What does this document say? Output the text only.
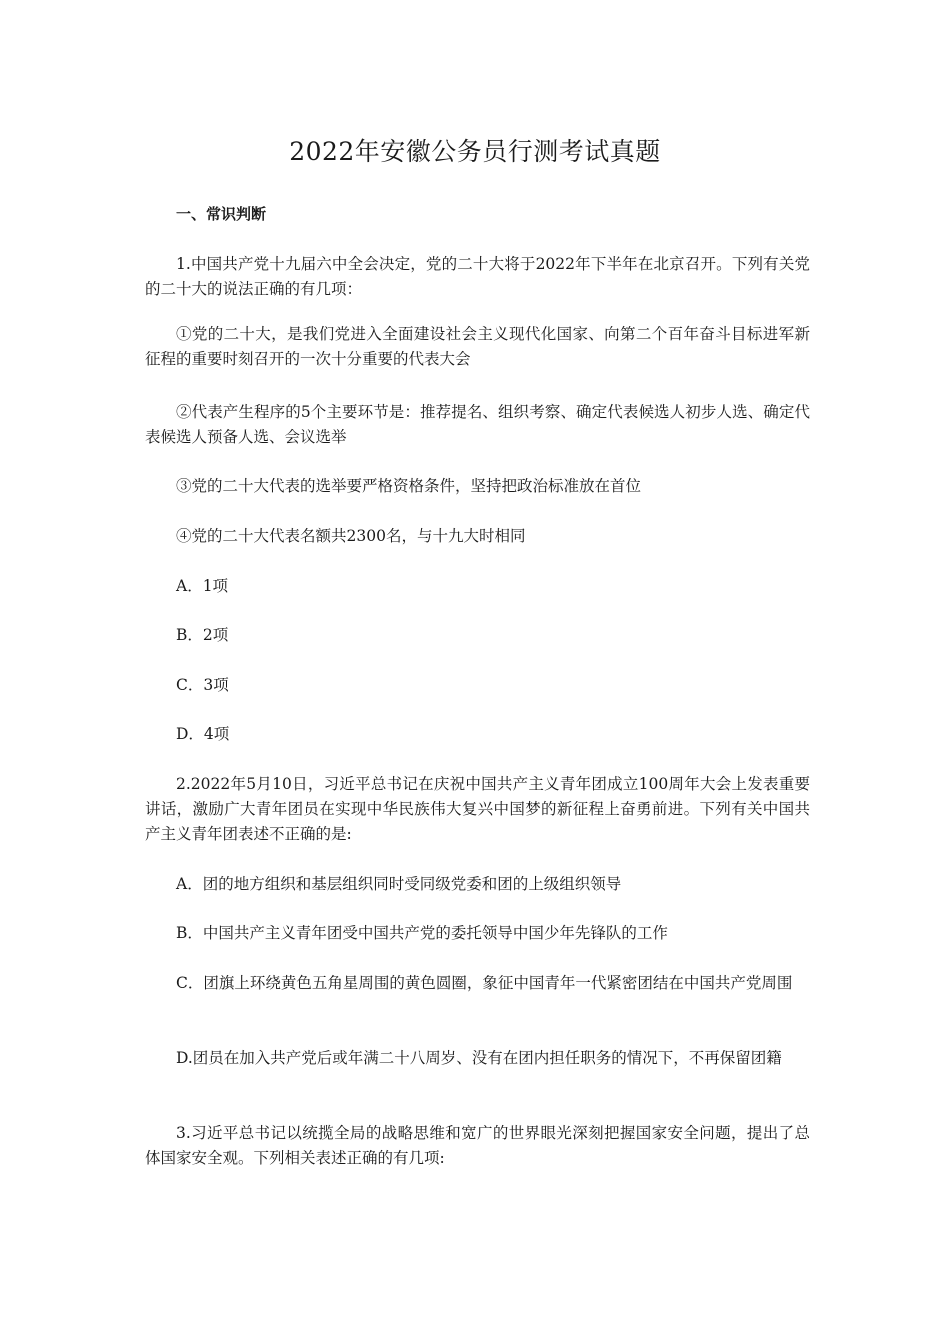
2022年安徽公务员行测考试真题
一、常识判断

1.中国共产党十九届六中全会决定，党的二十大将于2022年下半年在北京召开。下列有关党的二十大的说法正确的有几项：

①党的二十大，是我们党进入全面建设社会主义现代化国家、向第二个百年奋斗目标进军新征程的重要时刻召开的一次十分重要的代表大会

②代表产生程序的5个主要环节是：推荐提名、组织考察、确定代表候选人初步人选、确定代表候选人预备人选、会议选举

③党的二十大代表的选举要严格资格条件，坚持把政治标准放在首位

④党的二十大代表名额共2300名，与十九大时相同

A．1项

B．2项

C．3项

D．4项

2.2022年5月10日，习近平总书记在庆祝中国共产主义青年团成立100周年大会上发表重要讲话，激励广大青年团员在实现中华民族伟大复兴中国梦的新征程上奋勇前进。下列有关中国共产主义青年团表述不正确的是:

A．团的地方组织和基层组织同时受同级党委和团的上级组织领导

B．中国共产主义青年团受中国共产党的委托领导中国少年先锋队的工作

C．团旗上环绕黄色五角星周围的黄色圆圈，象征中国青年一代紧密团结在中国共产党周围

D.团员在加入共产党后或年满二十八周岁、没有在团内担任职务的情况下，不再保留团籍

3.习近平总书记以统揽全局的战略思维和宽广的世界眼光深刻把握国家安全问题，提出了总体国家安全观。下列相关表述正确的有几项:
